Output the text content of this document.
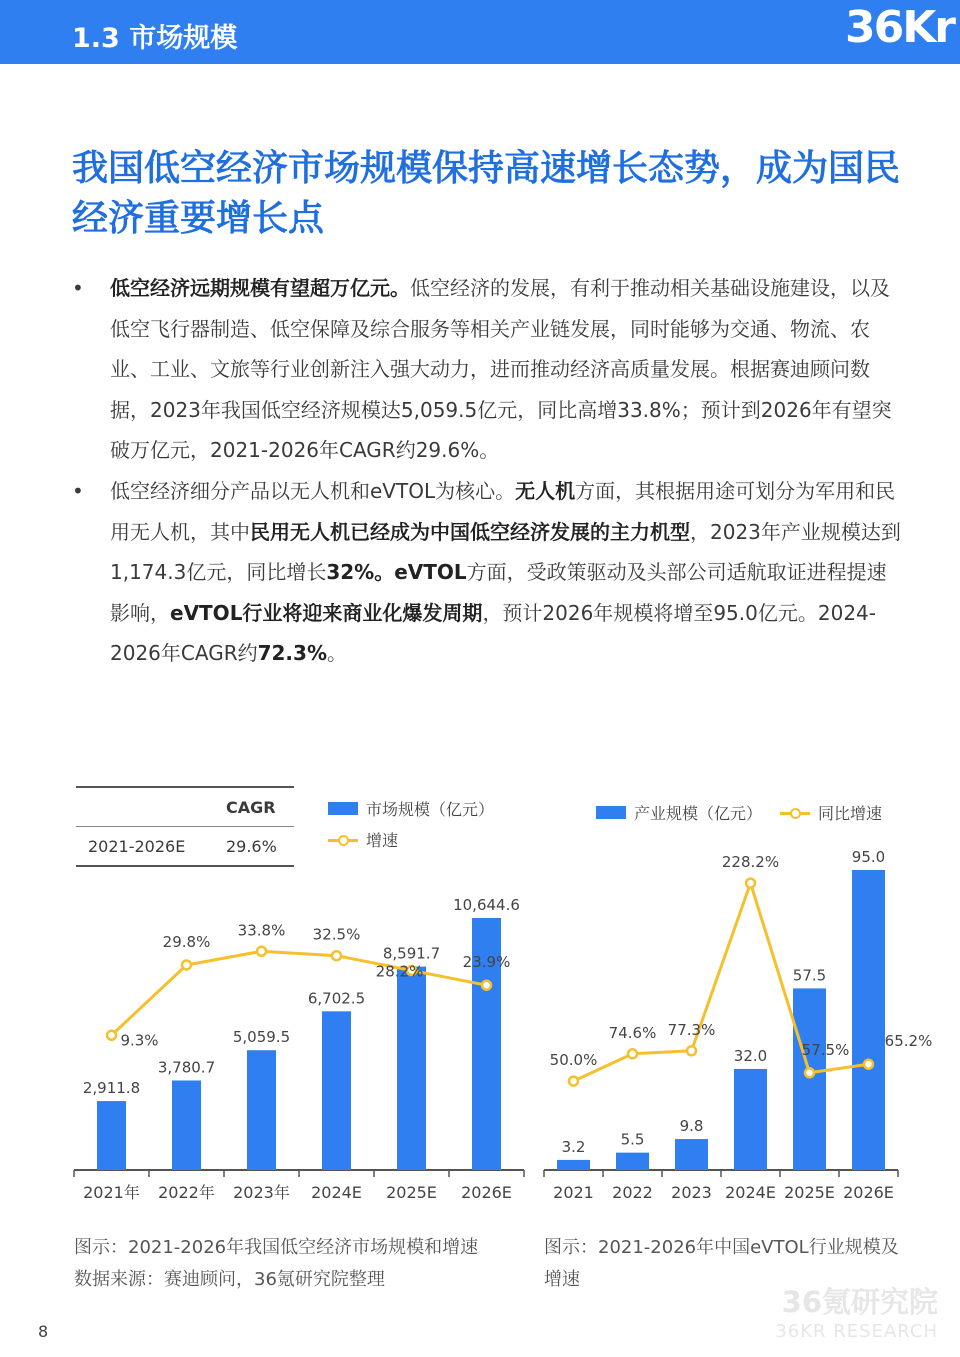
1.3 市场规模	36Kr
我国低空经济市场规模保持高速增长态势，成为国民经济重要增长点
• 低空经济远期规模有望超万亿元。低空经济的发展，有利于推动相关基础设施建设，以及低空飞行器制造、低空保障及综合服务等相关产业链发展，同时能够为交通、物流、农业、工业、文旅等行业创新注入强大动力，进而推动经济高质量发展。根据赛迪顾问数据，2023年我国低空经济规模达5,059.5亿元，同比高增33.8%；预计到2026年有望突破万亿元，2021-2026年CAGR约29.6%。
• 低空经济细分产品以无人机和eVTOL为核心。无人机方面，其根据用途可划分为军用和民用无人机，其中民用无人机已经成为中国低空经济发展的主力机型，2023年产业规模达到1,174.3亿元，同比增长32%。eVTOL方面，受政策驱动及头部公司适航取证进程提速影响，eVTOL行业将迎来商业化爆发周期，预计2026年规模将增至95.0亿元。2024-2026年CAGR约72.3%。
CAGR
2021-2026E	29.6%
市场规模（亿元）
增速
产业规模（亿元）	同比增速
2,911.8
2021年
3,780.7
2022年
5,059.5
2023年
6,702.5
2024E
8,591.7
2025E
10,644.6
2026E
9.3%
29.8%
33.8% 32.5%
28.2%
23.9%
3.2
2021
5.5
2022
9.8
2023
32.0
2024E
57.5
2025E
95.0
2026E
50.0%
74.6% 77.3%
228.2%
57.5% 65.2%
图示：2021-2026年我国低空经济市场规模和增速
数据来源：赛迪顾问，36氪研究院整理
图示：2021-2026年中国eVTOL行业规模及增速
36氪研究院
36KR RESEARCH
8
